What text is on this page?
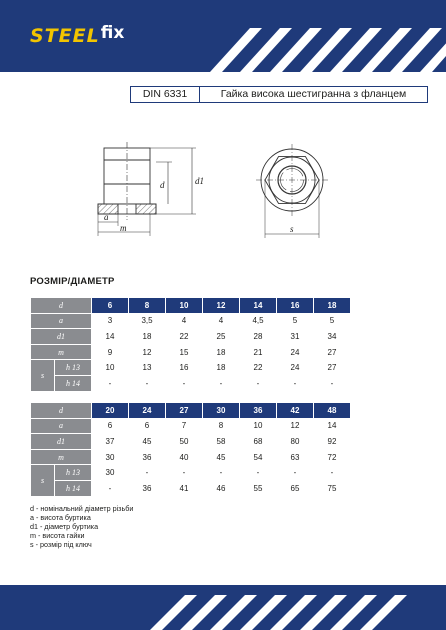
STEEL fix
DIN 6331	Гайка висока шестигранна з фланцем
d	d1
a
m	s
РОЗМІР/ДІАМЕТР
d		6	8	10	12	14	16	18
a		3	3,5	4	4	4,5	5	5
d1		14	18	22	25	28	31	34
m		9	12	15	18	21	24	27
s	h 13	10	13	16	18	22	24	27
	h 14	-	-	-	-	-	-	-
d		20	24	27	30	36	42	48
a		6	6	7	8	10	12	14
d1		37	45	50	58	68	80	92
m		30	36	40	45	54	63	72
s	h 13	30	-	-	-	-	-	-
	h 14	-	36	41	46	55	65	75
d - номінальний діаметр різьби
a - висота буртика
d1 - діаметр буртика
m - висота гайки
s - розмір під ключ
